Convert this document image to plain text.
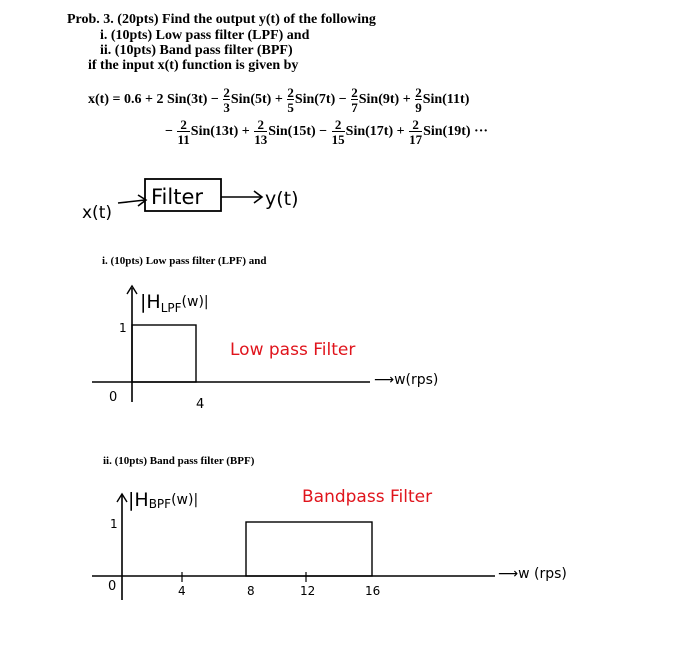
Prob. 3. (20pts) Find the output y(t) of the following
i. (10pts) Low pass filter (LPF) and
ii. (10pts) Band pass filter (BPF)
if the input x(t) function is given by
x(t) = 0.6 + 2 $Sin(3t) - \frac{2}{3} Sin(5t) + \frac{2}{5} Sin(7t) - \frac{2}{7} Sin(9t) + \frac{2}{9} Sin(11t)$
− $\frac{2}{11} Sin(13t) + \frac{2}{13} Sin(15t) - \frac{2}{15} Sin(17t) + \frac{2}{17} Sin(19t)$ ···
x(t)
Filter	y(t)
i. (10pts) Low pass filter (LPF) and
$|H_{LPF}^{(w)|}$
⟶w(rps)
1
0	4
Low pass Filter
ii. (10pts) Band pass filter (BPF)
$|HBPF^{(w)|}$
⟶w (rps)
1
0	4	8	12	16
Bandpass Filter
